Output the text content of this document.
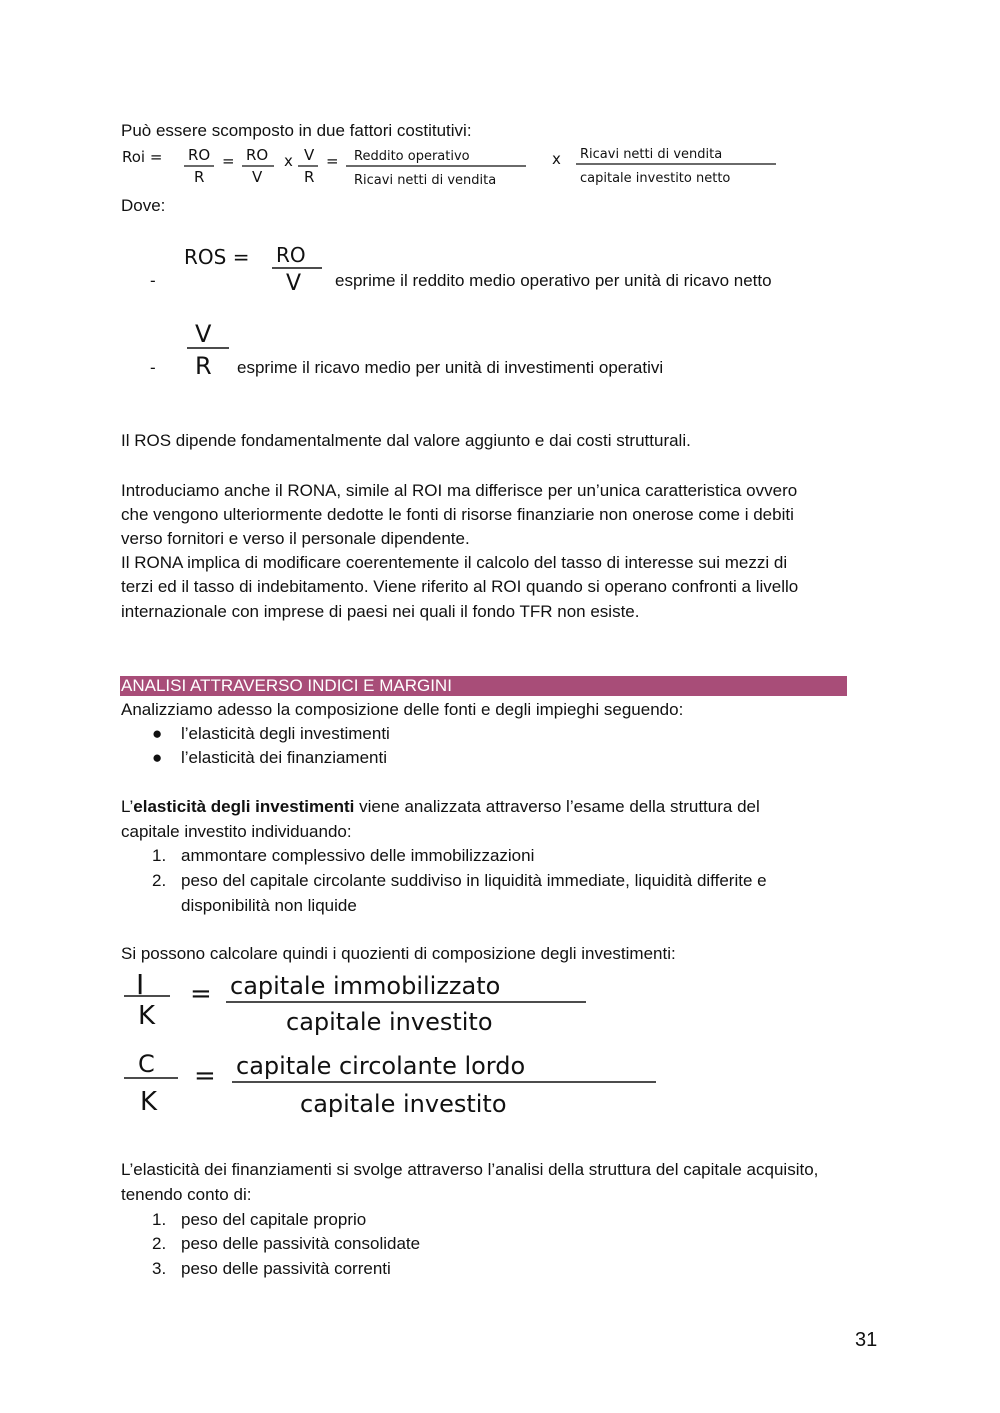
Può essere scomposto in due fattori costitutivi:
Roi = RO
R
= RO
V
x V
R
= Reddito operativo
Ricavi netti di vendita
x Ricavi netti di vendita
capitale investito netto
Dove:
ROS = RO
V
-	esprime il reddito medio operativo per unità di ricavo netto
V
R
-	esprime il ricavo medio per unità di investimenti operativi
Il ROS dipende fondamentalmente dal valore aggiunto e dai costi strutturali.
Introduciamo anche il RONA, simile al ROI ma differisce per un’unica caratteristica ovvero
che vengono ulteriormente dedotte le fonti di risorse finanziarie non onerose come i debiti
verso fornitori e verso il personale dipendente.
Il RONA implica di modificare coerentemente il calcolo del tasso di interesse sui mezzi di
terzi ed il tasso di indebitamento. Viene riferito al ROI quando si operano confronti a livello
internazionale con imprese di paesi nei quali il fondo TFR non esiste.
ANALISI ATTRAVERSO INDICI E MARGINI
Analizziamo adesso la composizione delle fonti e degli impieghi seguendo:
● l’elasticità degli investimenti
● l’elasticità dei finanziamenti
L’elasticità degli investimenti viene analizzata attraverso l’esame della struttura del
capitale investito individuando:
1. ammontare complessivo delle immobilizzazioni
2. peso del capitale circolante suddiviso in liquidità immediate, liquidità differite e
disponibilità non liquide
Si possono calcolare quindi i quozienti di composizione degli investimenti:
I
K
= capitale immobilizzato
capitale investito
C
K
= capitale circolante lordo
capitale investito
L’elasticità dei finanziamenti si svolge attraverso l’analisi della struttura del capitale acquisito,
tenendo conto di:
1. peso del capitale proprio
2. peso delle passività consolidate
3. peso delle passività correnti
31
